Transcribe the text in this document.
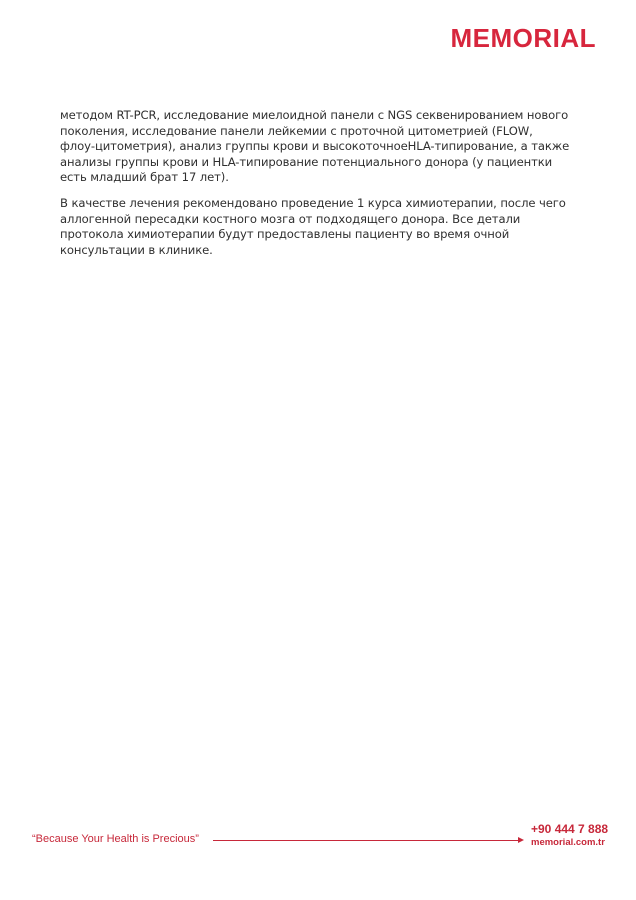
MEMORIAL

методом RT-PCR, исследование миелоидной панели с NGS секвенированием нового поколения, исследование панели лейкемии с проточной цитометрией (FLOW, флоу-цитометрия), анализ группы крови и высокоточноеHLA-типирование, а также анализы группы крови и HLA-типирование потенциального донора (у пациентки есть младший брат 17 лет).

В качестве лечения рекомендовано проведение 1 курса химиотерапии, после чего аллогенной пересадки костного мозга от подходящего донора. Все детали протокола химиотерапии будут предоставлены пациенту во время очной консультации в клинике.

“Because Your Health is Precious”
+90 444 7 888
memorial.com.tr
